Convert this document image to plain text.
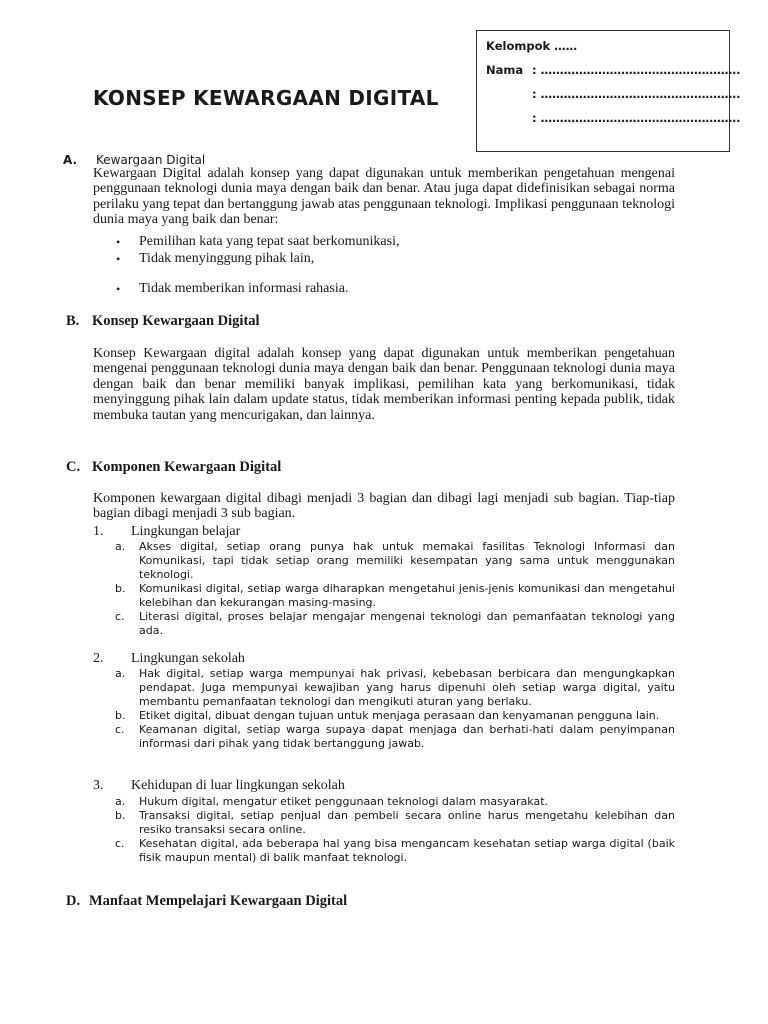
Kelompok ……
Nama : …………………………………………….
: …………………………………………….
: …………………………………………….
KONSEP KEWARGAAN DIGITAL
A. Kewargaan Digital

Kewargaan Digital adalah konsep yang dapat digunakan untuk memberikan pengetahuan mengenai penggunaan teknologi dunia maya dengan baik dan benar. Atau juga dapat didefinisikan sebagai norma perilaku yang tepat dan bertanggung jawab atas penggunaan teknologi. Implikasi penggunaan teknologi dunia maya yang baik dan benar:

• Pemilihan kata yang tepat saat berkomunikasi,
• Tidak menyinggung pihak lain,
• Tidak memberikan informasi rahasia.
B. Konsep Kewargaan Digital

Konsep Kewargaan digital adalah konsep yang dapat digunakan untuk memberikan pengetahuan mengenai penggunaan teknologi dunia maya dengan baik dan benar. Penggunaan teknologi dunia maya dengan baik dan benar memiliki banyak implikasi, pemilihan kata yang berkomunikasi, tidak menyinggung pihak lain dalam update status, tidak memberikan informasi penting kepada publik, tidak membuka tautan yang mencurigakan, dan lainnya.

C. Komponen Kewargaan Digital

Komponen kewargaan digital dibagi menjadi 3 bagian dan dibagi lagi menjadi sub bagian. Tiap-tiap bagian dibagi menjadi 3 sub bagian.

1. Lingkungan belajar
a.	Akses digital, setiap orang punya hak untuk memakai fasilitas Teknologi Informasi dan Komunikasi, tapi tidak setiap orang memiliki kesempatan yang sama untuk menggunakan teknologi.
b.	Komunikasi digital, setiap warga diharapkan mengetahui jenis-jenis komunikasi dan mengetahui kelebihan dan kekurangan masing-masing.
c.	Literasi digital, proses belajar mengajar mengenai teknologi dan pemanfaatan teknologi yang ada.
2. Lingkungan sekolah
a.	Hak digital, setiap warga mempunyai hak privasi, kebebasan berbicara dan mengungkapkan pendapat. Juga mempunyai kewajiban yang harus dipenuhi oleh setiap warga digital, yaitu membantu pemanfaatan teknologi dan mengikuti aturan yang berlaku.
b.	Etiket digital, dibuat dengan tujuan untuk menjaga perasaan dan kenyamanan pengguna lain.
c.	Keamanan digital, setiap warga supaya dapat menjaga dan berhati-hati dalam penyimpanan informasi dari pihak yang tidak bertanggung jawab.
3. Kehidupan di luar lingkungan sekolah
a.	Hukum digital, mengatur etiket penggunaan teknologi dalam masyarakat.
b.	Transaksi digital, setiap penjual dan pembeli secara online harus mengetahu kelebihan dan resiko transaksi secara online.
c.	Kesehatan digital, ada beberapa hal yang bisa mengancam kesehatan setiap warga digital (baik fisik maupun mental) di balik manfaat teknologi.
D. Manfaat Mempelajari Kewargaan Digital
